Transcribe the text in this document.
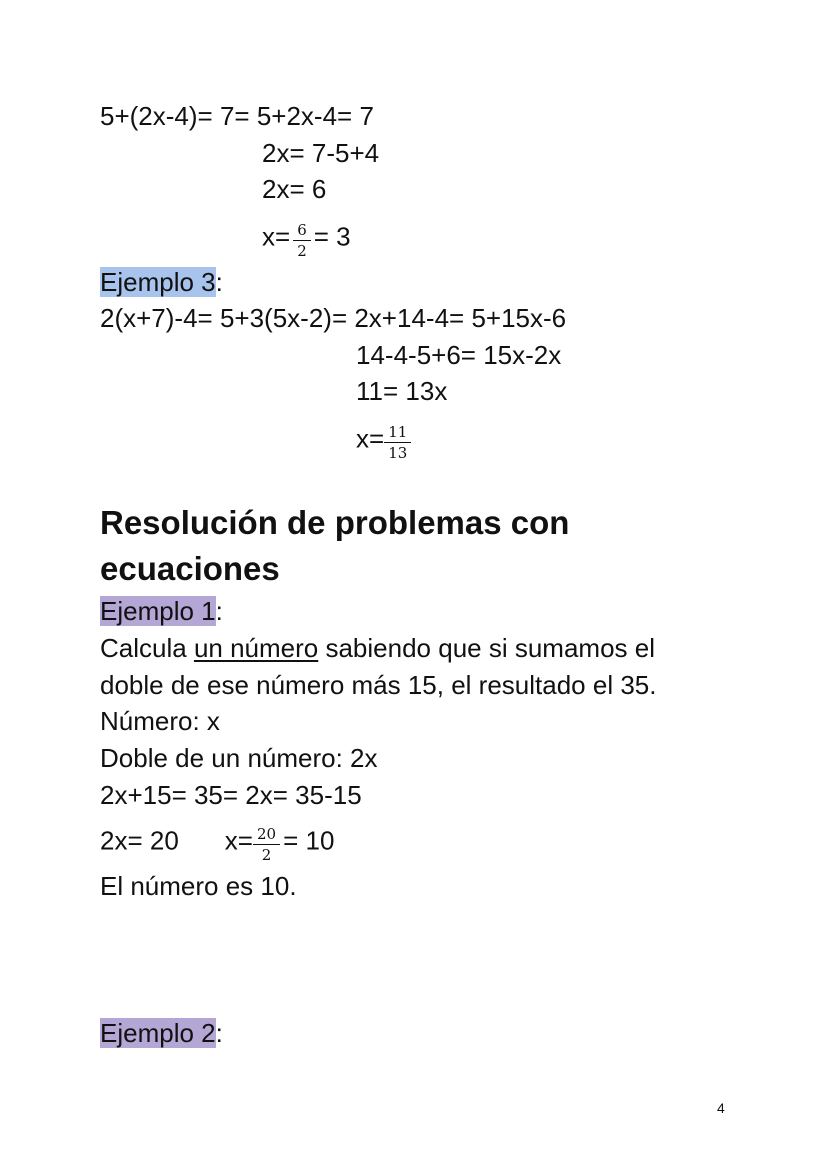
5+(2x-4)= 7= 5+2x-4= 7
2x= 7-5+4
2x= 6
$x= \frac{6}{2} = 3$
Ejemplo 3:
2(x+7)-4= 5+3(5x-2)= 2x+14-4= 5+15x-6
14-4-5+6= 15x-2x
11= 13x
$x= \frac{11}{13}$
Resolución de problemas con
ecuaciones
Ejemplo 1:
Calcula un número sabiendo que si sumamos el
doble de ese número más 15, el resultado el 35.
Número: x
Doble de un número: 2x
2x+15= 35= 2x= 35-15
2x= 20 $x= \frac{20}{2} = 10$
El número es 10.
Ejemplo 2:
4
